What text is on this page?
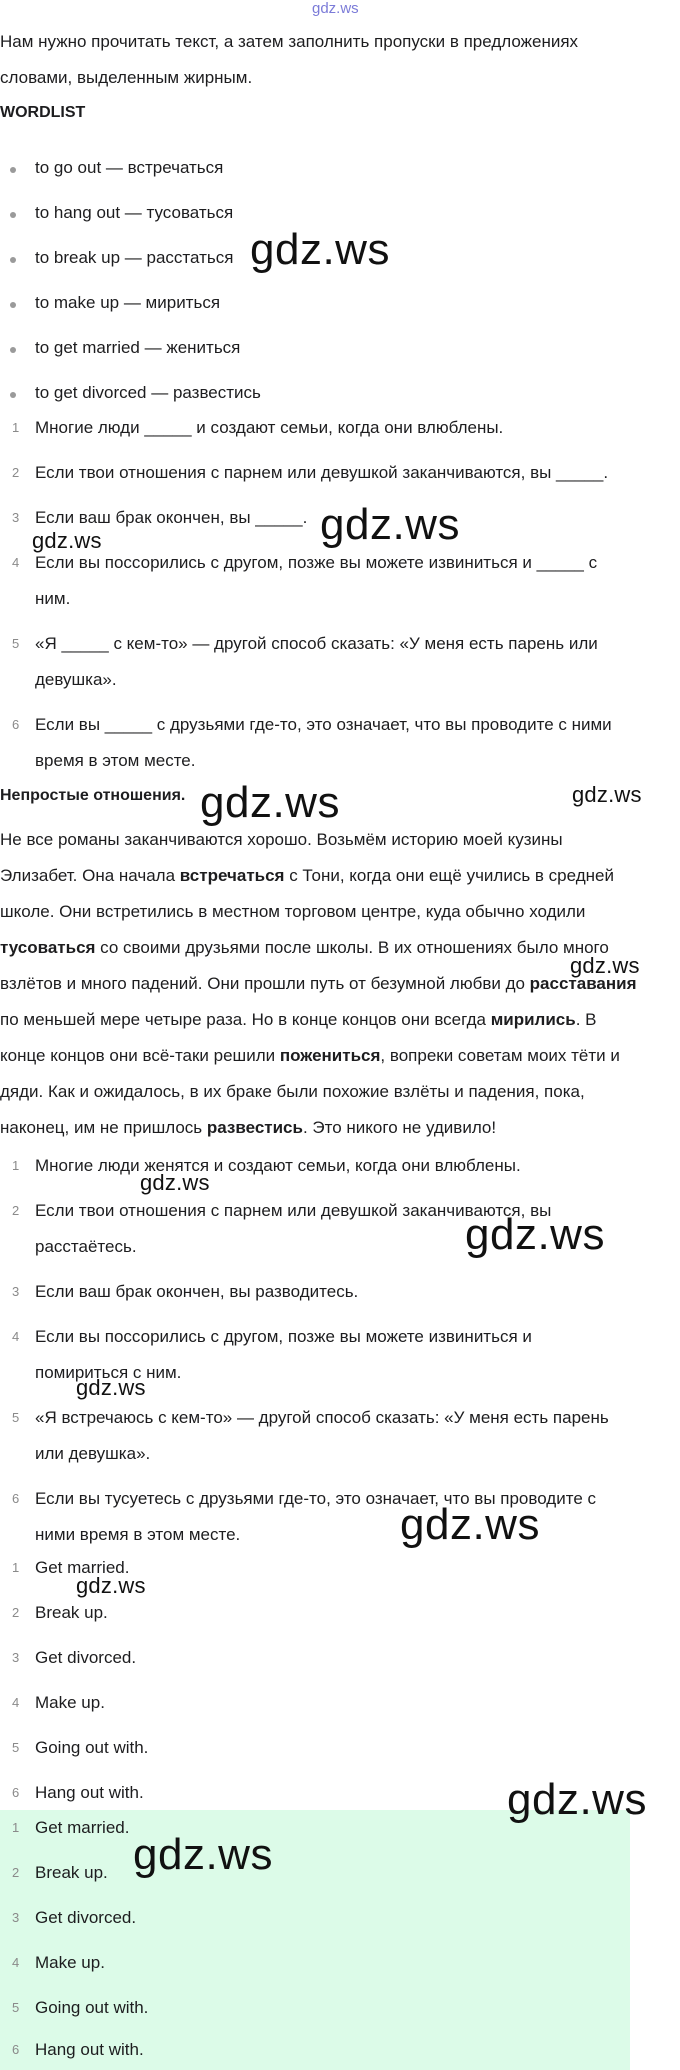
gdz.ws
Нам нужно прочитать текст, а затем заполнить пропуски в предложениях
словами, выделенным жирным.
WORDLIST
to go out — встречаться
to hang out — тусоваться
to break up — расстаться
to make up — мириться
to get married — жениться
to get divorced — развестись
1 Многие люди _____ и создают семьи, когда они влюблены.
2 Если твои отношения с парнем или девушкой заканчиваются, вы _____.
3 Если ваш брак окончен, вы _____.
4 Если вы поссорились с другом, позже вы можете извиниться и _____ с
ним.
5 «Я _____ с кем-то» — другой способ сказать: «У меня есть парень или
девушка».
6 Если вы _____ с друзьями где-то, это означает, что вы проводите с ними
время в этом месте.
Непростые отношения.
Не все романы заканчиваются хорошо. Возьмём историю моей кузины
Элизабет. Она начала встречаться с Тони, когда они ещё учились в средней
школе. Они встретились в местном торговом центре, куда обычно ходили
тусоваться со своими друзьями после школы. В их отношениях было много
взлётов и много падений. Они прошли путь от безумной любви до расставания
по меньшей мере четыре раза. Но в конце концов они всегда мирились. В
конце концов они всё-таки решили пожениться, вопреки советам моих тёти и
дяди. Как и ожидалось, в их браке были похожие взлёты и падения, пока,
наконец, им не пришлось развестись. Это никого не удивило!
1 Многие люди женятся и создают семьи, когда они влюблены.
2 Если твои отношения с парнем или девушкой заканчиваются, вы
расстаётесь.
3 Если ваш брак окончен, вы разводитесь.
4 Если вы поссорились с другом, позже вы можете извиниться и
помириться с ним.
5 «Я встречаюсь с кем-то» — другой способ сказать: «У меня есть парень
или девушка».
6 Если вы тусуетесь с друзьями где-то, это означает, что вы проводите с
ними время в этом месте.
1 Get married.
2 Break up.
3 Get divorced.
4 Make up.
5 Going out with.
6 Hang out with.
1 Get married.
2 Break up.
3 Get divorced.
4 Make up.
5 Going out with.
6 Hang out with.
gdz.ws
gdz.ws
gdz.ws
gdz.ws	gdz.ws
gdz.ws
gdz.ws
gdz.ws
gdz.ws
gdz.ws
gdz.ws
gdz.ws
gdz.ws
